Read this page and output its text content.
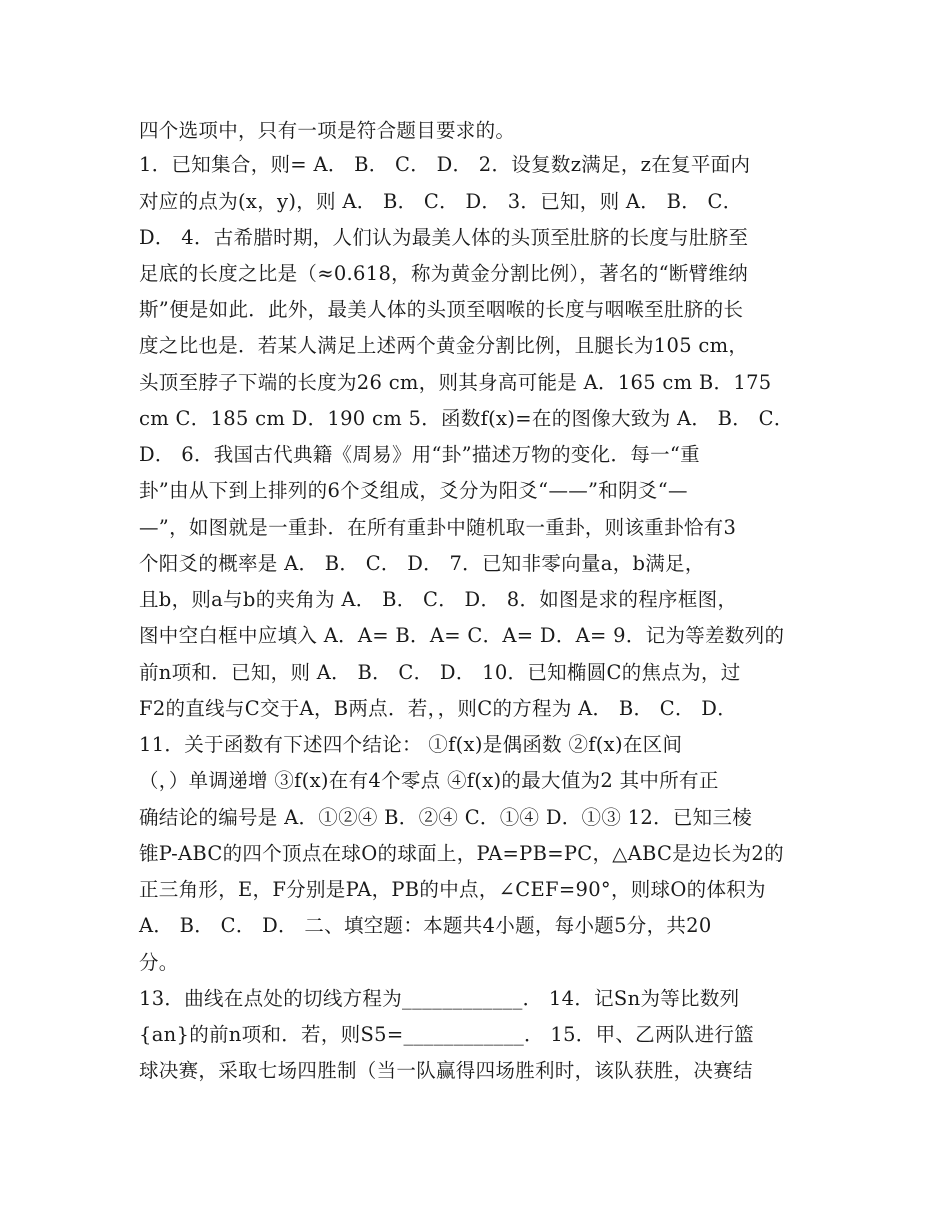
四个选项中，只有一项是符合题目要求的。
1．已知集合，则= A． B． C． D． 2．设复数z满足，z在复平面内
对应的点为(x，y)，则 A． B． C． D． 3．已知，则 A． B． C．
D． 4．古希腊时期，人们认为最美人体的头顶至肚脐的长度与肚脐至
足底的长度之比是（≈0.618，称为黄金分割比例），著名的“断臂维纳
斯”便是如此．此外，最美人体的头顶至咽喉的长度与咽喉至肚脐的长
度之比也是．若某人满足上述两个黄金分割比例，且腿长为105 cm，
头顶至脖子下端的长度为26 cm，则其身高可能是 A．165 cm B．175
cm C．185 cm D．190 cm 5．函数f(x)=在的图像大致为 A． B． C．
D． 6．我国古代典籍《周易》用“卦”描述万物的变化．每一“重
卦”由从下到上排列的6个爻组成，爻分为阳爻“——”和阴爻“—
—”，如图就是一重卦．在所有重卦中随机取一重卦，则该重卦恰有3
个阳爻的概率是 A． B． C． D． 7．已知非零向量a，b满足，
且b，则a与b的夹角为 A． B． C． D． 8．如图是求的程序框图，
图中空白框中应填入 A．A= B．A= C．A= D．A= 9．记为等差数列的
前n项和．已知，则 A． B． C． D． 10．已知椭圆C的焦点为，过
F2的直线与C交于A，B两点．若，，则C的方程为 A． B． C． D．
11．关于函数有下述四个结论： ①f(x)是偶函数 ②f(x)在区间
（，）单调递增 ③f(x)在有4个零点 ④f(x)的最大值为2 其中所有正
确结论的编号是 A．①②④ B．②④ C．①④ D．①③ 12．已知三棱
锥P-ABC的四个顶点在球O的球面上，PA=PB=PC，△ABC是边长为2的
正三角形，E，F分别是PA，PB的中点，∠CEF=90°，则球O的体积为
A． B． C． D． 二、填空题：本题共4小题，每小题5分，共20
分。
13．曲线在点处的切线方程为____________． 14．记Sn为等比数列
{an}的前n项和．若，则S5=____________． 15．甲、乙两队进行篮
球决赛，采取七场四胜制（当一队赢得四场胜利时，该队获胜，决赛结
